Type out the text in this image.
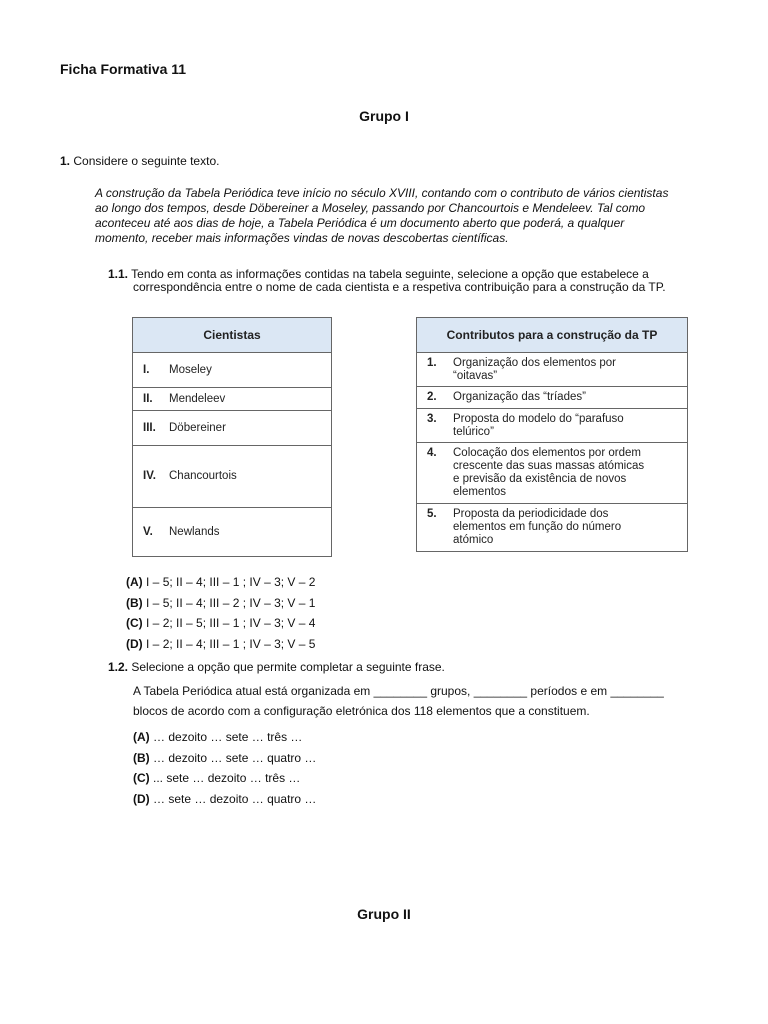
Ficha Formativa 11
Grupo I
1. Considere o seguinte texto.
A construção da Tabela Periódica teve início no século XVIII, contando com o contributo de vários cientistas
ao longo dos tempos, desde Döbereiner a Moseley, passando por Chancourtois e Mendeleev. Tal como
aconteceu até aos dias de hoje, a Tabela Periódica é um documento aberto que poderá, a qualquer
momento, receber mais informações vindas de novas descobertas científicas.
1.1. Tendo em conta as informações contidas na tabela seguinte, selecione a opção que estabelece a
correspondência entre o nome de cada cientista e a respetiva contribuição para a construção da TP.
Cientistas

I.	Moseley

II.	Mendeleev

III.	Döbereiner

IV.	Chancourtois

V.	Newlands
Contributos para a construção da TP

1.	Organização dos elementos por
“oitavas”

2.	Organização das “tríades”

3.	Proposta do modelo do “parafuso
telúrico”

4.	Colocação dos elementos por ordem
crescente das suas massas atómicas
e previsão da existência de novos
elementos

5.	Proposta da periodicidade dos
elementos em função do número
atómico
(A) I – 5; II – 4; III – 1 ; IV – 3; V – 2
(B) I – 5; II – 4; III – 2 ; IV – 3; V – 1
(C) I – 2; II – 5; III – 1 ; IV – 3; V – 4
(D) I – 2; II – 4; III – 1 ; IV – 3; V – 5
1.2. Selecione a opção que permite completar a seguinte frase.
A Tabela Periódica atual está organizada em ________ grupos, ________ períodos e em ________
blocos de acordo com a configuração eletrónica dos 118 elementos que a constituem.
(A) … dezoito … sete … três …
(B) … dezoito … sete … quatro …
(C) ... sete … dezoito … três …
(D) … sete … dezoito … quatro …
Grupo II
